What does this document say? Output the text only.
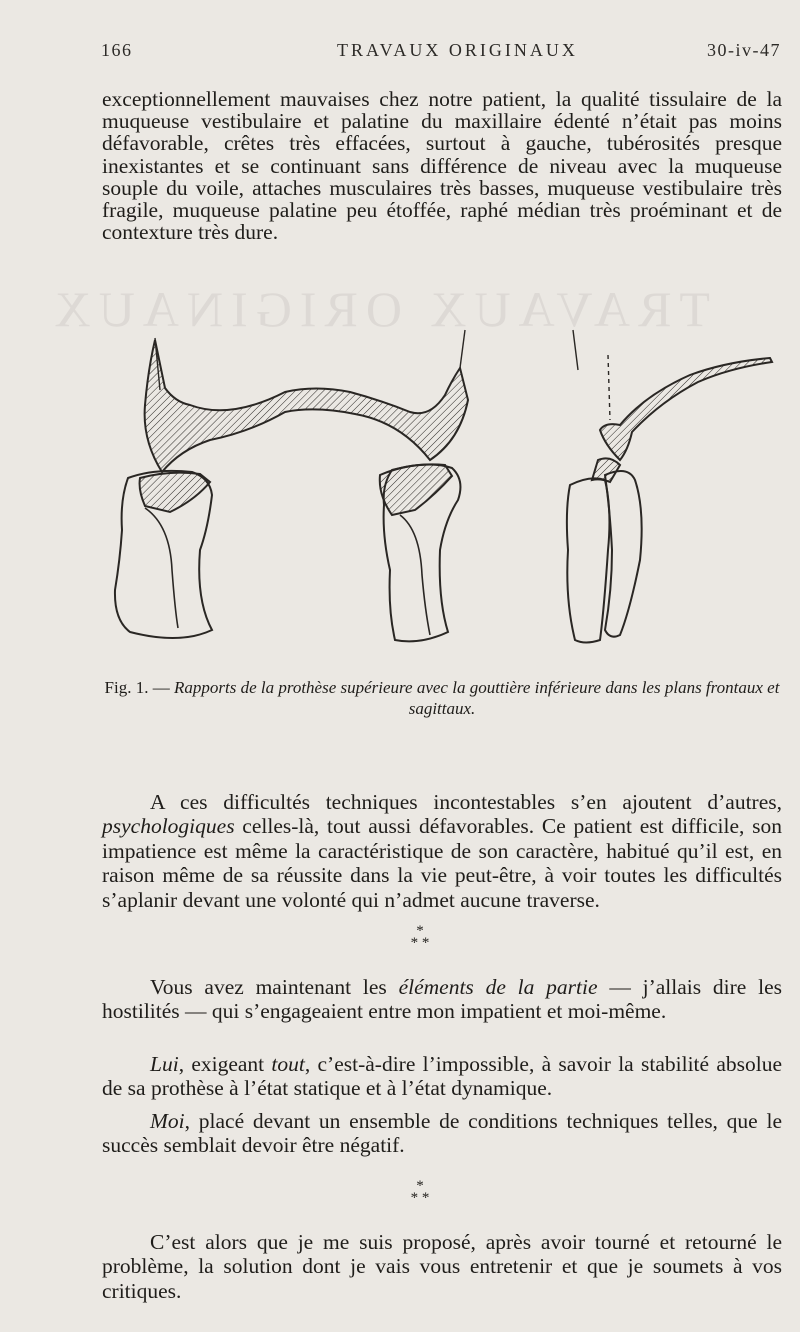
TRAVAUX ORIGINAUX
166	TRAVAUX ORIGINAUX	30-iv-47

exceptionnellement mauvaises chez notre patient, la qualité tissulaire de la muqueuse vestibulaire et palatine du maxillaire édenté n’était pas moins défavorable, crêtes très effacées, surtout à gauche, tubérosités presque inexistantes et se continuant sans différence de niveau avec la muqueuse souple du voile, attaches musculaires très basses, muqueuse vestibulaire très fragile, muqueuse palatine peu étoffée, raphé médian très proéminant et de contexture très dure.

Fig. 1. — Rapports de la prothèse supérieure avec la gouttière inférieure dans les plans frontaux et sagittaux.

A ces difficultés techniques incontestables s’en ajoutent d’autres, psychologiques celles-là, tout aussi défavorables. Ce patient est difficile, son impatience est même la caractéristique de son caractère, habitué qu’il est, en raison même de sa réussite dans la vie peut-être, à voir toutes les difficultés s’aplanir devant une volonté qui n’admet aucune traverse.

*
* *

Vous avez maintenant les éléments de la partie — j’allais dire les hostilités — qui s’engageaient entre mon impatient et moi-même.

Lui, exigeant tout, c’est-à-dire l’impossible, à savoir la stabilité absolue de sa prothèse à l’état statique et à l’état dynamique.

Moi, placé devant un ensemble de conditions techniques telles, que le succès semblait devoir être négatif.

*
* *

C’est alors que je me suis proposé, après avoir tourné et retourné le problème, la solution dont je vais vous entretenir et que je soumets à vos critiques.
